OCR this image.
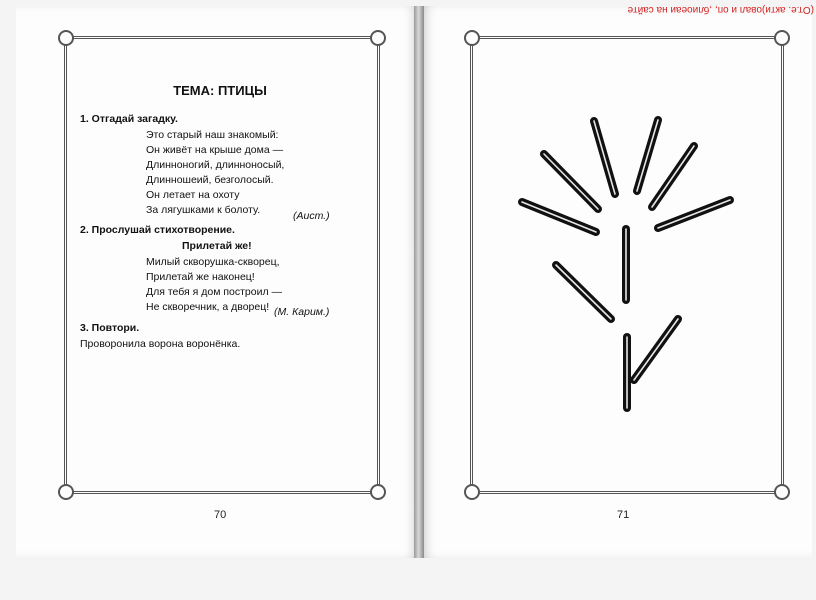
(От.е. акти)овал и оп, ,блиоеаи на сайте
ТЕМА: ПТИЦЫ
1. Отгадай загадку.
Это старый наш знакомый:
Он живёт на крыше дома —
Длинноногий, длинноносый,
Длинношеий, безголосый.
Он летает на охоту
За лягушками к болоту.	(Аист.)
2. Прослушай стихотворение.
Прилетай же!
Милый скворушка-скворец,
Прилетай же наконец!
Для тебя я дом построил —
Не скворечник, а дворец! (М. Карим.)
3. Повтори.
Проворонила ворона воронёнка.
70	71
